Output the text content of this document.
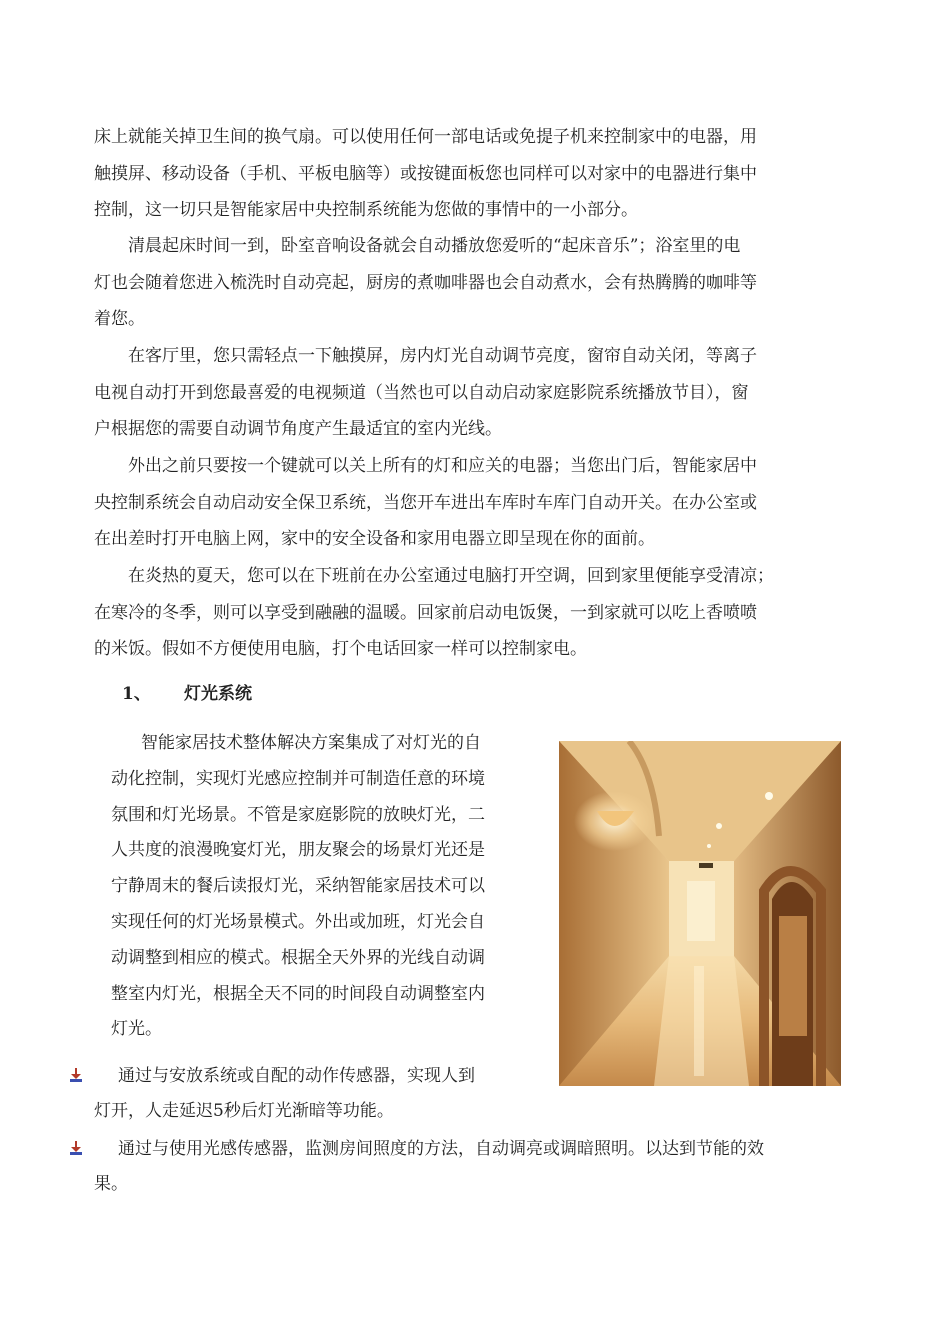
床上就能关掉卫生间的换气扇。可以使用任何一部电话或免提子机来控制家中的电器，用
触摸屏、移动设备（手机、平板电脑等）或按键面板您也同样可以对家中的电器进行集中
控制，这一切只是智能家居中央控制系统能为您做的事情中的一小部分。

　　清晨起床时间一到，卧室音响设备就会自动播放您爱听的“起床音乐”；浴室里的电
灯也会随着您进入梳洗时自动亮起，厨房的煮咖啡器也会自动煮水，会有热腾腾的咖啡等
着您。

　　在客厅里，您只需轻点一下触摸屏，房内灯光自动调节亮度，窗帘自动关闭，等离子
电视自动打开到您最喜爱的电视频道（当然也可以自动启动家庭影院系统播放节目），窗
户根据您的需要自动调节角度产生最适宜的室内光线。

　　外出之前只要按一个键就可以关上所有的灯和应关的电器；当您出门后，智能家居中
央控制系统会自动启动安全保卫系统，当您开车进出车库时车库门自动开关。在办公室或
在出差时打开电脑上网，家中的安全设备和家用电器立即呈现在你的面前。

　　在炎热的夏天，您可以在下班前在办公室通过电脑打开空调，回到家里便能享受清凉；
在寒冷的冬季，则可以享受到融融的温暖。回家前启动电饭煲，一到家就可以吃上香喷喷
的米饭。假如不方便使用电脑，打个电话回家一样可以控制家电。

1、 灯光系统

智能家居技术整体解决方案集成了对灯光的自
动化控制，实现灯光感应控制并可制造任意的环境
氛围和灯光场景。不管是家庭影院的放映灯光，二
人共度的浪漫晚宴灯光，朋友聚会的场景灯光还是
宁静周末的餐后读报灯光，采纳智能家居技术可以
实现任何的灯光场景模式。外出或加班，灯光会自
动调整到相应的模式。根据全天外界的光线自动调
整室内灯光，根据全天不同的时间段自动调整室内
灯光。

通过与安放系统或自配的动作传感器，实现人到
灯开，人走延迟5秒后灯光渐暗等功能。
通过与使用光感传感器，监测房间照度的方法，自动调亮或调暗照明。以达到节能的效
果。
